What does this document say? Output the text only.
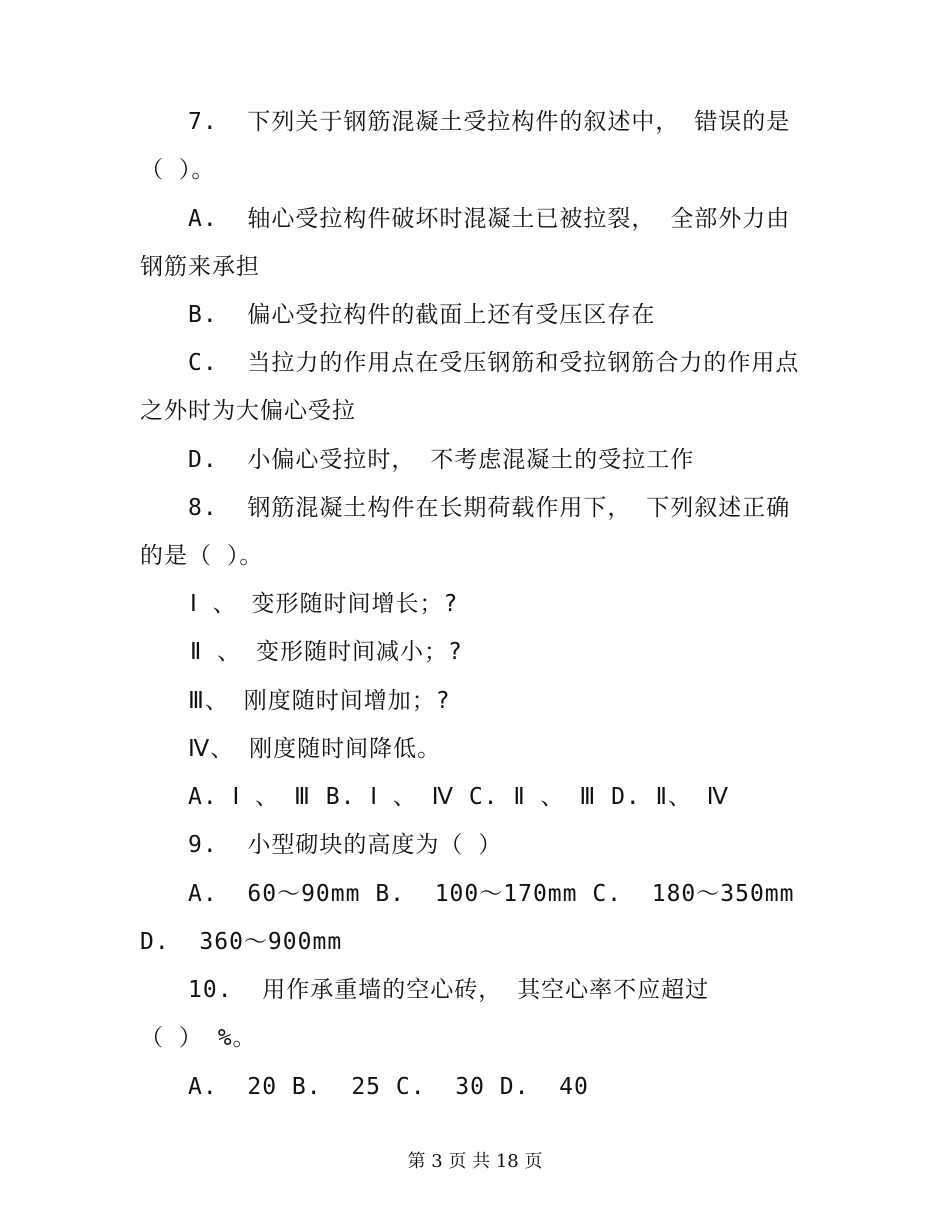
7.  下列关于钢筋混凝土受拉构件的叙述中， 错误的是
（ ）。
A.  轴心受拉构件破坏时混凝土已被拉裂， 全部外力由
钢筋来承担
B.  偏心受拉构件的截面上还有受压区存在
C.  当拉力的作用点在受压钢筋和受拉钢筋合力的作用点
之外时为大偏心受拉
D.  小偏心受拉时， 不考虑混凝土的受拉工作
8.  钢筋混凝土构件在长期荷载作用下， 下列叙述正确
的是（ ）。
Ⅰ 、 变形随时间增长；?
Ⅱ 、 变形随时间减小；?
Ⅲ、 刚度随时间增加；?
Ⅳ、 刚度随时间降低。
A. Ⅰ 、 Ⅲ B. Ⅰ 、 Ⅳ C. Ⅱ 、 Ⅲ D. Ⅱ、 Ⅳ
9.  小型砌块的高度为（ ）
A.  60～90mm B.  100～170mm C.  180～350mm
D.  360～900mm
10.  用作承重墙的空心砖， 其空心率不应超过
（ ） %。
A.  20 B.  25 C.  30 D.  40
第 3 页 共 18 页
